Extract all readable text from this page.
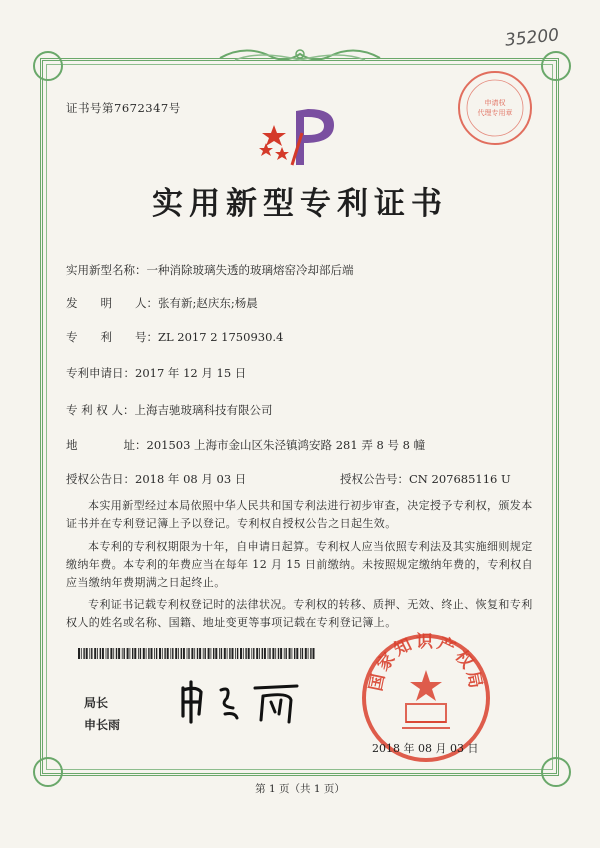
35200
证书号第7672347号	申请权
代理专用章
实用新型专利证书
实用新型名称：一种消除玻璃失透的玻璃熔窑冷却部后端
发　　明　　人：张有新;赵庆东;杨晨
专　　利　　号：ZL 2017 2 1750930.4
专利申请日：2017 年 12 月 15 日
专 利 权 人：上海吉驰玻璃科技有限公司
地　　　　址：201503 上海市金山区朱泾镇鸿安路 281 弄 8 号 8 幢
授权公告日：2018 年 08 月 03 日	授权公告号：CN 207685116 U
本实用新型经过本局依照中华人民共和国专利法进行初步审查，决定授予专利权，颁发本证书并在专利登记簿上予以登记。专利权自授权公告之日起生效。
本专利的专利权期限为十年，自申请日起算。专利权人应当依照专利法及其实施细则规定缴纳年费。本专利的年费应当在每年 12 月 15 日前缴纳。未按照规定缴纳年费的，专利权自应当缴纳年费期满之日起终止。
专利证书记载专利权登记时的法律状况。专利权的转移、质押、无效、终止、恢复和专利权人的姓名或名称、国籍、地址变更等事项记载在专利登记簿上。
局长
申长雨
国家知识产权局
2018 年 08 月 03 日
第 1 页（共 1 页）
